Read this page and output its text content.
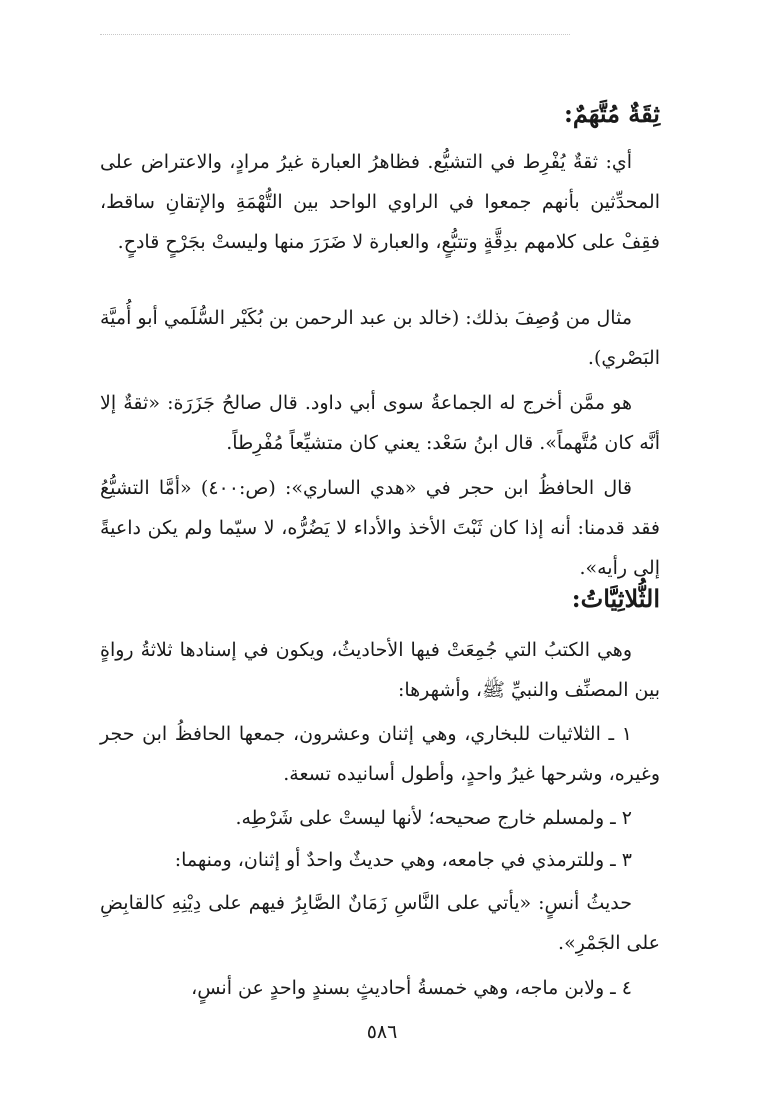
ثِقَةٌ مُتَّهَمٌ:
أي: ثقةٌ يُفْرِط في التشيُّع. فظاهرُ العبارة غيرُ مرادٍ، والاعتراض على المحدِّثين بأنهم جمعوا في الراوي الواحد بين التُّهْمَةِ والإتقانِ ساقط، فقِفْ على كلامهم بدِقَّةٍ وتتبُّعٍ، والعبارة لا ضَرَرَ منها وليستْ بجَرْحٍ قادحٍ.
مثال من وُصِفَ بذلك: (خالد بن عبد الرحمن بن بُكَيْر السُّلَمي أبو أُميَّة البَصْري).
هو ممَّن أخرج له الجماعةُ سوى أبي داود. قال صالحُ جَزَرَة: «ثقةٌ إلا أنَّه كان مُتَّهماً». قال ابنُ سَعْد: يعني كان متشيِّعاً مُفْرِطاً.
قال الحافظُ ابن حجر في «هدي الساري»: (ص:٤٠٠) «أمَّا التشيُّعُ فقد قدمنا: أنه إذا كان ثَبْتَ الأخذ والأداء لا يَضُرُّه، لا سيّما ولم يكن داعيةً إلى رأيه».
الثُّلاثِيَّاتُ:
وهي الكتبُ التي جُمِعَتْ فيها الأحاديثُ، ويكون في إسنادها ثلاثةُ رواةٍ بين المصنِّف والنبيِّ ﷺ، وأشهرها:
١ ـ الثلاثيات للبخاري، وهي إثنان وعشرون، جمعها الحافظُ ابن حجر وغيره، وشرحها غيرُ واحدٍ، وأطول أسانيده تسعة.
٢ ـ ولمسلم خارج صحيحه؛ لأنها ليستْ على شَرْطِه.
٣ ـ وللترمذي في جامعه، وهي حديثٌ واحدٌ أو إثنان، ومنهما:
حديثُ أنسٍ: «يأتي على النَّاسِ زَمَانٌ الصَّابِرُ فيهم على دِيْنِهِ كالقابِضِ على الجَمْرِ».
٤ ـ ولابن ماجه، وهي خمسةُ أحاديثٍ بسندٍ واحدٍ عن أنسٍ،
٥٨٦
